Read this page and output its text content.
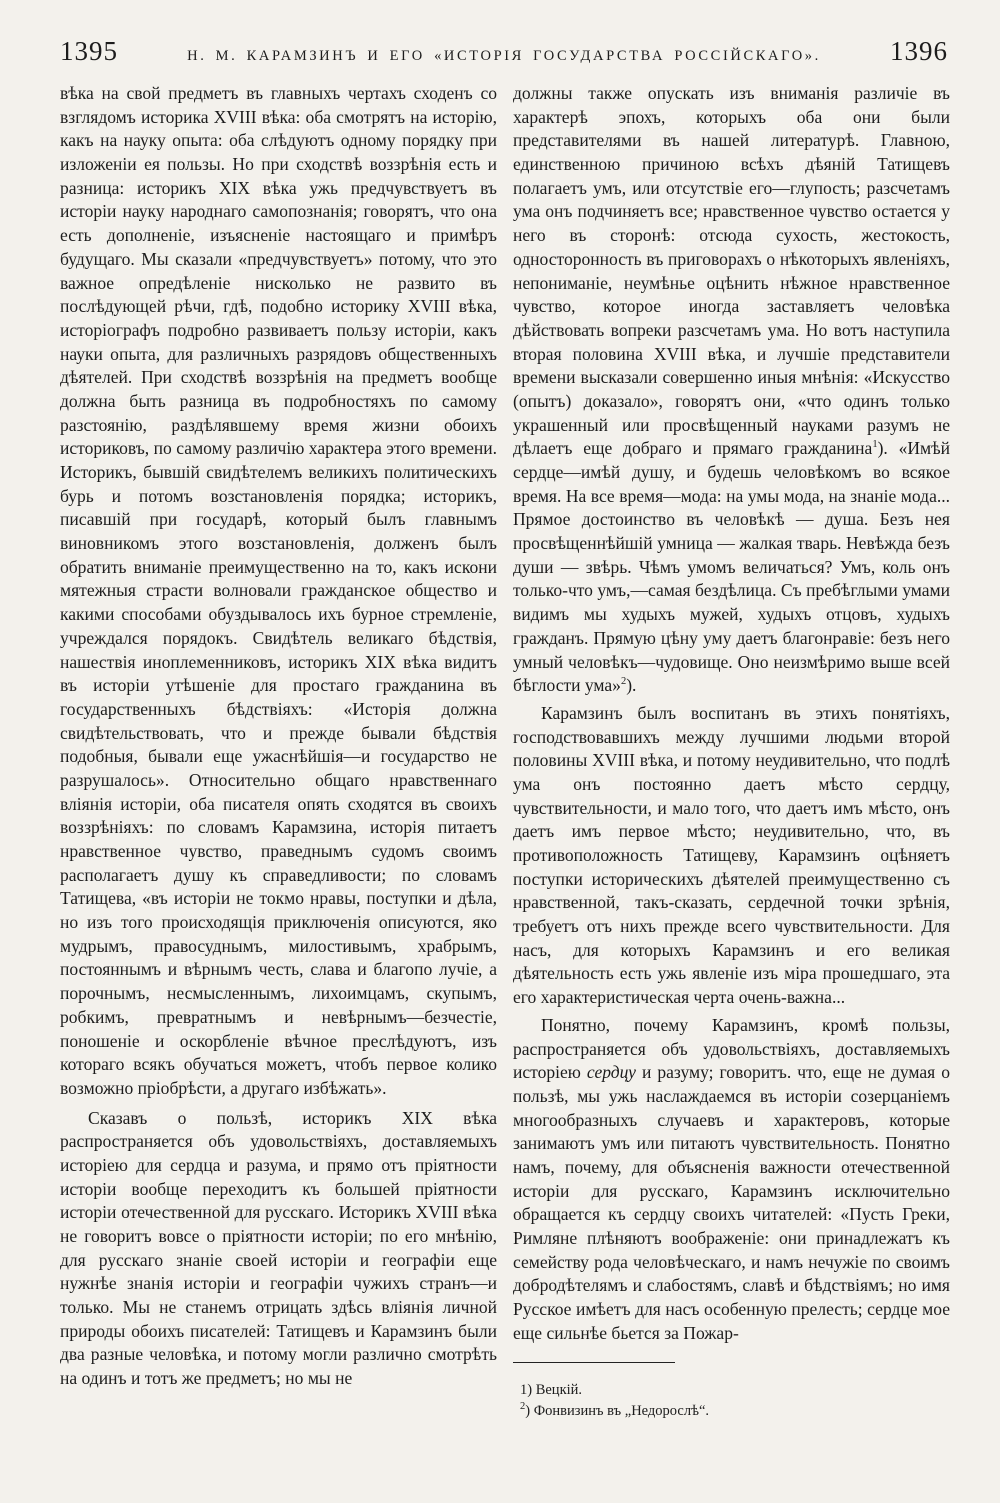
1395	Н. М. КАРАМЗИНЪ И ЕГО «ИСТОРІЯ ГОСУДАРСТВА РОССІЙСКАГО».	1396

вѣка на свой предметъ въ главныхъ чертахъ сходенъ со взглядомъ историка XVIII вѣка: оба смотрятъ на исторію, какъ на науку опыта: оба слѣдуютъ одному порядку при изложеніи ея пользы. Но при сходствѣ воззрѣнія есть и разница: историкъ XIX вѣка ужь предчувствуетъ въ исторіи науку народнаго самопознанія; говорятъ, что она есть дополненіе, изъясненіе настоящаго и примѣръ будущаго. Мы сказали «предчувствуетъ» потому, что это важное опредѣленіе нисколько не развито въ послѣдующей рѣчи, гдѣ, подобно историку XVIII вѣка, исторіографъ подробно развиваетъ пользу исторіи, какъ науки опыта, для различныхъ разрядовъ общественныхъ дѣятелей. При сходствѣ воззрѣнія на предметъ вообще должна быть разница въ подробностяхъ по самому разстоянію, раздѣлявшему время жизни обоихъ историковъ, по самому различію характера этого времени. Историкъ, бывшій свидѣтелемъ великихъ политическихъ бурь и потомъ возстановленія порядка; историкъ, писавшій при государѣ, который былъ главнымъ виновникомъ этого возстановленія, долженъ былъ обратить вниманіе преимущественно на то, какъ искони мятежныя страсти волновали гражданское общество и какими способами обуздывалось ихъ бурное стремленіе, учреждался порядокъ. Свидѣтель великаго бѣдствія, нашествія иноплеменниковъ, историкъ XIX вѣка видитъ въ исторіи утѣшеніе для простаго гражданина въ государственныхъ бѣдствіяхъ: «Исторія должна свидѣтельствовать, что и прежде бывали бѣдствія подобныя, бывали еще ужаснѣйшія—и государство не разрушалось». Относительно общаго нравственнаго вліянія исторіи, оба писателя опять сходятся въ своихъ воззрѣніяхъ: по словамъ Карамзина, исторія питаетъ нравственное чувство, праведнымъ судомъ своимъ располагаетъ душу къ справедливости; по словамъ Татищева, «въ исторіи не токмо нравы, поступки и дѣла, но изъ того происходящія приключенія описуются, яко мудрымъ, правосуднымъ, милостивымъ, храбрымъ, постояннымъ и вѣрнымъ честь, слава и благопо лучіе, а порочнымъ, несмысленнымъ, лихоимцамъ, скупымъ, робкимъ, превратнымъ и невѣрнымъ—безчестіе, поношеніе и оскорбленіе вѣчное преслѣдуютъ, изъ котораго всякъ обучаться можетъ, чтобъ первое колико возможно пріобрѣсти, а другаго избѣжать».

Сказавъ о пользѣ, историкъ XIX вѣка распространяется объ удовольствіяхъ, доставляемыхъ исторіею для сердца и разума, и прямо отъ пріятности исторіи вообще переходитъ къ большей пріятности исторіи отечественной для русскаго. Историкъ XVIII вѣка не говоритъ вовсе о пріятности исторіи; по его мнѣнію, для русскаго знаніе своей исторіи и географіи еще нужнѣе знанія исторіи и географіи чужихъ странъ—и только. Мы не станемъ отрицать здѣсь вліянія личной природы обоихъ писателей: Татищевъ и Карамзинъ были два разные человѣка, и потому могли различно смотрѣть на одинъ и тотъ же предметъ; но мы не

должны также опускать изъ вниманія различіе въ характерѣ эпохъ, которыхъ оба они были представителями въ нашей литературѣ. Главною, единственною причиною всѣхъ дѣяній Татищевъ полагаетъ умъ, или отсутствіе его—глупость; разсчетамъ ума онъ подчиняетъ все; нравственное чувство остается у него въ сторонѣ: отсюда сухость, жестокость, односторонность въ приговорахъ о нѣкоторыхъ явленіяхъ, непониманіе, неумѣнье оцѣнить нѣжное нравственное чувство, которое иногда заставляетъ человѣка дѣйствовать вопреки разсчетамъ ума. Но вотъ наступила вторая половина XVIII вѣка, и лучшіе представители времени высказали совершенно иныя мнѣнія: «Искусство (опытъ) доказало», говорятъ они, «что одинъ только украшенный или просвѣщенный науками разумъ не дѣлаетъ еще добраго и прямаго гражданина$^1$). «Имѣй сердце—имѣй душу, и будешь человѣкомъ во всякое время. На все время—мода: на умы мода, на знаніе мода... Прямое достоинство въ человѣкѣ — душа. Безъ нея просвѣщеннѣйшій умница — жалкая тварь. Невѣжда безъ души — звѣрь. Чѣмъ умомъ величаться? Умъ, коль онъ только-что умъ,—самая бездѣлица. Съ пребѣглыми умами видимъ мы худыхъ мужей, худыхъ отцовъ, худыхъ гражданъ. Прямую цѣну уму даетъ благонравіе: безъ него умный человѣкъ—чудовище. Оно неизмѣримо выше всей бѣглости ума»$^2$).

Карамзинъ былъ воспитанъ въ этихъ понятіяхъ, господствовавшихъ между лучшими людьми второй половины XVIII вѣка, и потому неудивительно, что подлѣ ума онъ постоянно даетъ мѣсто сердцу, чувствительности, и мало того, что даетъ имъ мѣсто, онъ даетъ имъ первое мѣсто; неудивительно, что, въ противоположность Татищеву, Карамзинъ оцѣняетъ поступки историческихъ дѣятелей преимущественно съ нравственной, такъ-сказать, сердечной точки зрѣнія, требуетъ отъ нихъ прежде всего чувствительности. Для насъ, для которыхъ Карамзинъ и его великая дѣятельность есть ужь явленіе изъ міра прошедшаго, эта его характеристическая черта очень-важна...

Понятно, почему Карамзинъ, кромѣ пользы, распространяется объ удовольствіяхъ, доставляемыхъ исторіею сердцу и разуму; говоритъ. что, еще не думая о пользѣ, мы ужь наслаждаемся въ исторіи созерцаніемъ многообразныхъ случаевъ и характеровъ, которые занимаютъ умъ или питаютъ чувствительность. Понятно намъ, почему, для объясненія важности отечественной исторіи для русскаго, Карамзинъ исключительно обращается къ сердцу своихъ читателей: «Пусть Греки, Римляне плѣняютъ воображеніе: они принадлежатъ къ семейству рода человѣческаго, и намъ нечужіе по своимъ добродѣтелямъ и слабостямъ, славѣ и бѣдствіямъ; но имя Русское имѣетъ для насъ особенную прелесть; сердце мое еще сильнѣе бьется за Пожар-

1) Вецкій.
$^2$) Фонвизинъ въ „Недорослѣ“.
